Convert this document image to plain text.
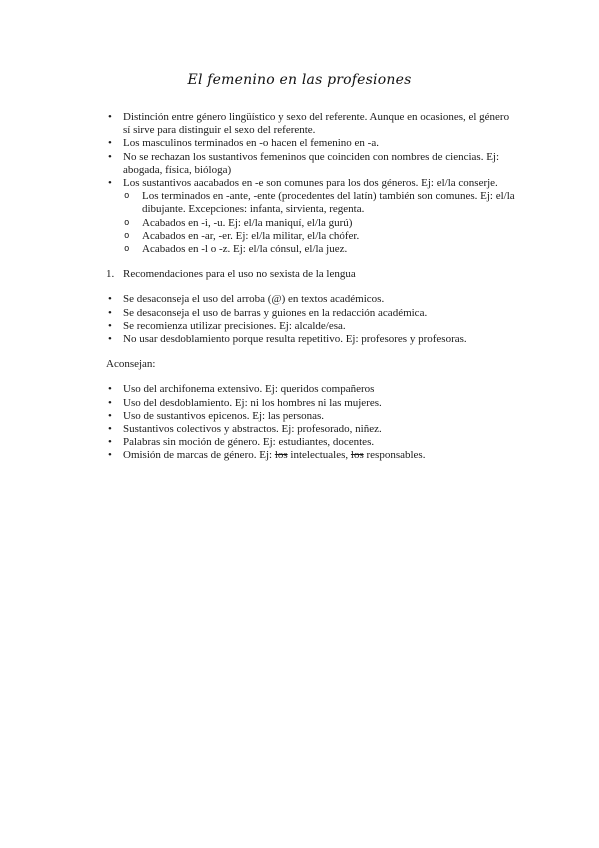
El femenino en las profesiones
• Distinción entre género lingüístico y sexo del referente. Aunque en ocasiones, el género sí sirve para distinguir el sexo del referente.
• Los masculinos terminados en -o hacen el femenino en -a.
• No se rechazan los sustantivos femeninos que coinciden con nombres de ciencias. Ej: abogada, física, bióloga)
• Los sustantivos aacabados en -e son comunes para los dos géneros. Ej: el/la conserje.
o Los terminados en -ante, -ente (procedentes del latín) también son comunes. Ej: el/la dibujante. Excepciones: infanta, sirvienta, regenta.
o Acabados en -i, -u. Ej: el/la maniquí, el/la gurú)
o Acabados en -ar, -er. Ej: el/la militar, el/la chófer.
o Acabados en -l o -z. Ej: el/la cónsul, el/la juez.
1. Recomendaciones para el uso no sexista de la lengua
• Se desaconseja el uso del arroba (@) en textos académicos.
• Se desaconseja el uso de barras y guiones en la redacción académica.
• Se recomienza utilizar precisiones. Ej: alcalde/esa.
• No usar desdoblamiento porque resulta repetitivo. Ej: profesores y profesoras.

Aconsejan:

• Uso del archifonema extensivo. Ej: queridos compañeros
• Uso del desdoblamiento. Ej: ni los hombres ni las mujeres.
• Uso de sustantivos epicenos. Ej: las personas.
• Sustantivos colectivos y abstractos. Ej: profesorado, niñez.
• Palabras sin moción de género. Ej: estudiantes, docentes.
• Omisión de marcas de género. Ej: los intelectuales, los responsables.
